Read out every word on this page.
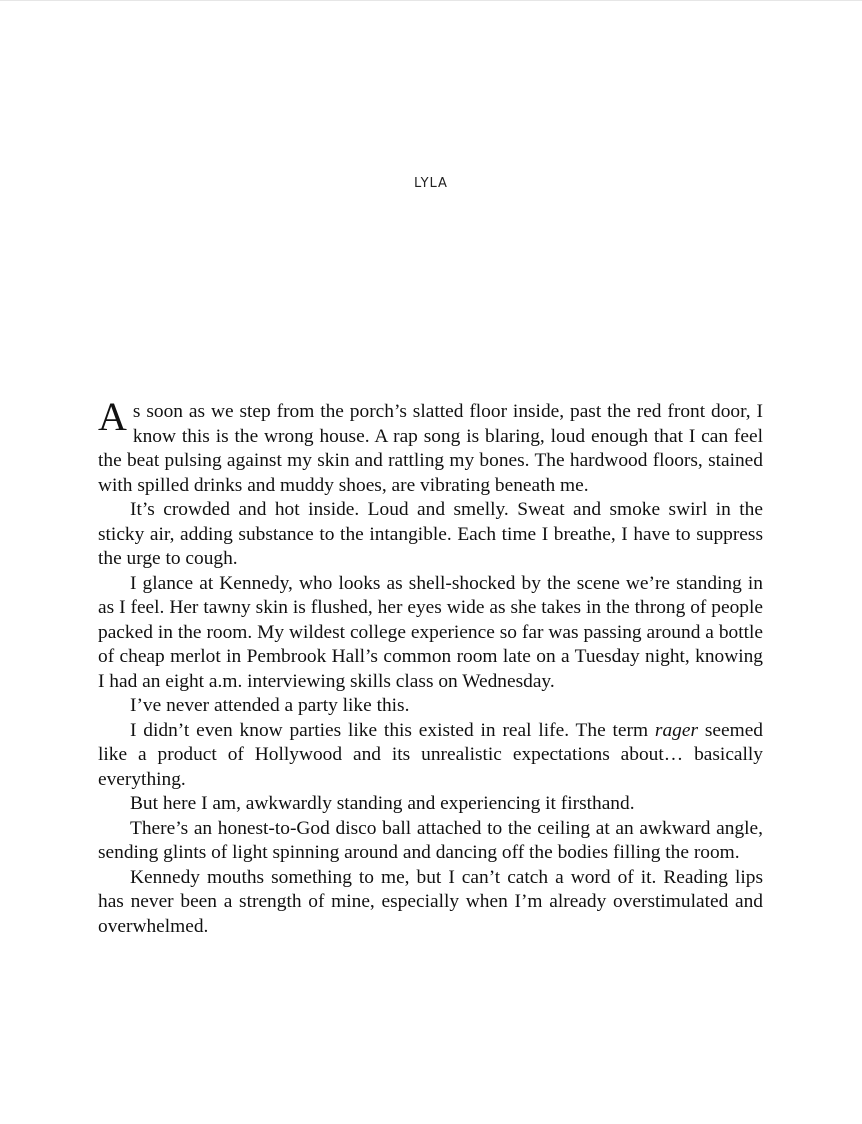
LYLA

As soon as we step from the porch’s slatted floor inside, past the red front door, I know this is the wrong house. A rap song is blaring, loud enough that I can feel the beat pulsing against my skin and rattling my bones. The hardwood floors, stained with spilled drinks and muddy shoes, are vibrating beneath me.

It’s crowded and hot inside. Loud and smelly. Sweat and smoke swirl in the sticky air, adding substance to the intangible. Each time I breathe, I have to suppress the urge to cough.

I glance at Kennedy, who looks as shell-shocked by the scene we’re standing in as I feel. Her tawny skin is flushed, her eyes wide as she takes in the throng of people packed in the room. My wildest college experience so far was passing around a bottle of cheap merlot in Pembrook Hall’s common room late on a Tuesday night, knowing I had an eight a.m. interviewing skills class on Wednesday.

I’ve never attended a party like this.

I didn’t even know parties like this existed in real life. The term rager seemed like a product of Hollywood and its unrealistic expectations about… basically everything.

But here I am, awkwardly standing and experiencing it firsthand.

There’s an honest-to-God disco ball attached to the ceiling at an awkward angle, sending glints of light spinning around and dancing off the bodies filling the room.

Kennedy mouths something to me, but I can’t catch a word of it. Reading lips has never been a strength of mine, especially when I’m already overstimulated and overwhelmed.
